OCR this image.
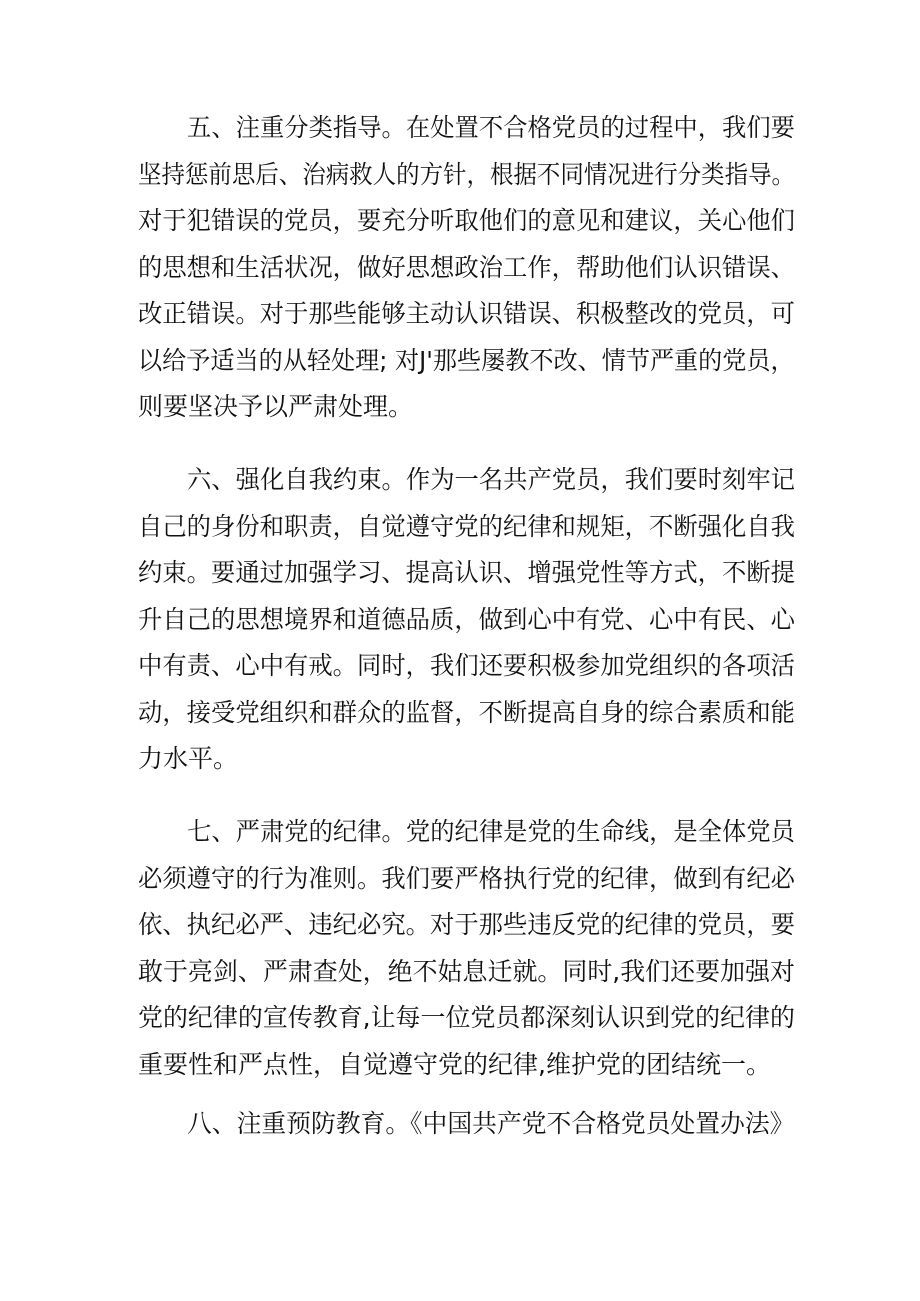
五、注重分类指导。在处置不合格党员的过程中，我们要
坚持惩前思后、治病救人的方针，根据不同情况进行分类指导。
对于犯错误的党员，要充分听取他们的意见和建议，关心他们
的思想和生活状况，做好思想政治工作，帮助他们认识错误、
改正错误。对于那些能够主动认识错误、积极整改的党员，可
以给予适当的从轻处理; 对J'那些屡教不改、情节严重的党员，
则要坚决予以严肃处理。
六、强化自我约束。作为一名共产党员，我们要时刻牢记
自己的身份和职责，自觉遵守党的纪律和规矩，不断强化自我
约束。要通过加强学习、提高认识、增强党性等方式，不断提
升自己的思想境界和道德品质，做到心中有党、心中有民、心
中有责、心中有戒。同时，我们还要积极参加党组织的各项活
动，接受党组织和群众的监督，不断提高自身的综合素质和能
力水平。
七、严肃党的纪律。党的纪律是党的生命线，是全体党员
必须遵守的行为准则。我们要严格执行党的纪律，做到有纪必
依、执纪必严、违纪必究。对于那些违反党的纪律的党员，要
敢于亮剑、严肃查处，绝不姑息迁就。同时,我们还要加强对
党的纪律的宣传教育,让每一位党员都深刻认识到党的纪律的
重要性和严点性，自觉遵守党的纪律,维护党的团结统一。
八、注重预防教育。《中国共产党不合格党员处置办法》
